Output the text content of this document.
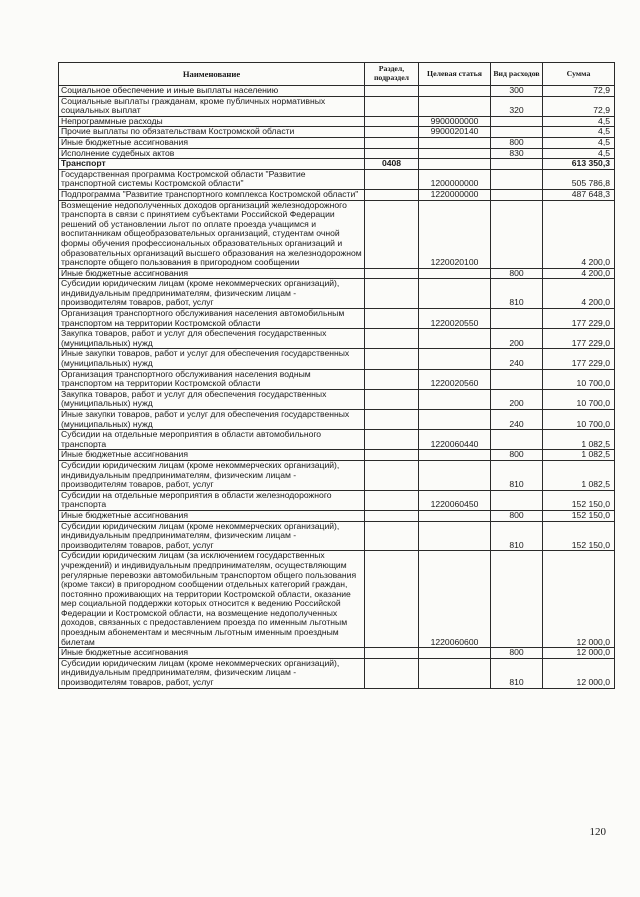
Наименование	Раздел, подраздел	Целевая статья	Вид расходов	Сумма
Социальное обеспечение и иные выплаты населению			300	72,9
Социальные выплаты гражданам, кроме публичных нормативных социальных выплат			320	72,9
Непрограммные расходы		9900000000		4,5
Прочие выплаты по обязательствам Костромской области		9900020140		4,5
Иные бюджетные ассигнования			800	4,5
Исполнение судебных актов			830	4,5
Транспорт	0408			613 350,3
Государственная программа Костромской области "Развитие транспортной системы Костромской области"		1200000000		505 786,8
Подпрограмма "Развитие транспортного комплекса Костромской области"		1220000000		487 648,3
Возмещение недополученных доходов организаций железнодорожного транспорта в связи с принятием субъектами Российской Федерации решений об установлении льгот по оплате проезда учащимся и воспитанникам общеобразовательных организаций, студентам очной формы обучения профессиональных образовательных организаций и образовательных организаций высшего образования на железнодорожном транспорте общего пользования в пригородном сообщении		1220020100		4 200,0
Иные бюджетные ассигнования			800	4 200,0
Субсидии юридическим лицам (кроме некоммерческих организаций), индивидуальным предпринимателям, физическим лицам - производителям товаров, работ, услуг			810	4 200,0
Организация транспортного обслуживания населения автомобильным транспортом на территории Костромской области		1220020550		177 229,0
Закупка товаров, работ и услуг для обеспечения государственных (муниципальных) нужд			200	177 229,0
Иные закупки товаров, работ и услуг для обеспечения государственных (муниципальных) нужд			240	177 229,0
Организация транспортного обслуживания населения водным транспортом на территории Костромской области		1220020560		10 700,0
Закупка товаров, работ и услуг для обеспечения государственных (муниципальных) нужд			200	10 700,0
Иные закупки товаров, работ и услуг для обеспечения государственных (муниципальных) нужд			240	10 700,0
Субсидии на отдельные мероприятия в области автомобильного транспорта		1220060440		1 082,5
Иные бюджетные ассигнования			800	1 082,5
Субсидии юридическим лицам (кроме некоммерческих организаций), индивидуальным предпринимателям, физическим лицам - производителям товаров, работ, услуг			810	1 082,5
Субсидии на отдельные мероприятия в области железнодорожного транспорта		1220060450		152 150,0
Иные бюджетные ассигнования			800	152 150,0
Субсидии юридическим лицам (кроме некоммерческих организаций), индивидуальным предпринимателям, физическим лицам - производителям товаров, работ, услуг			810	152 150,0
Субсидии юридическим лицам (за исключением государственных учреждений) и индивидуальным предпринимателям, осуществляющим регулярные перевозки автомобильным транспортом общего пользования (кроме такси) в пригородном сообщении отдельных категорий граждан, постоянно проживающих на территории Костромской области, оказание мер социальной поддержки которых относится к ведению Российской Федерации и Костромской области, на возмещение недополученных доходов, связанных с предоставлением проезда по именным льготным проездным абонементам и месячным льготным именным проездным билетам		1220060600		12 000,0
Иные бюджетные ассигнования			800	12 000,0
Субсидии юридическим лицам (кроме некоммерческих организаций), индивидуальным предпринимателям, физическим лицам - производителям товаров, работ, услуг			810	12 000,0
120
